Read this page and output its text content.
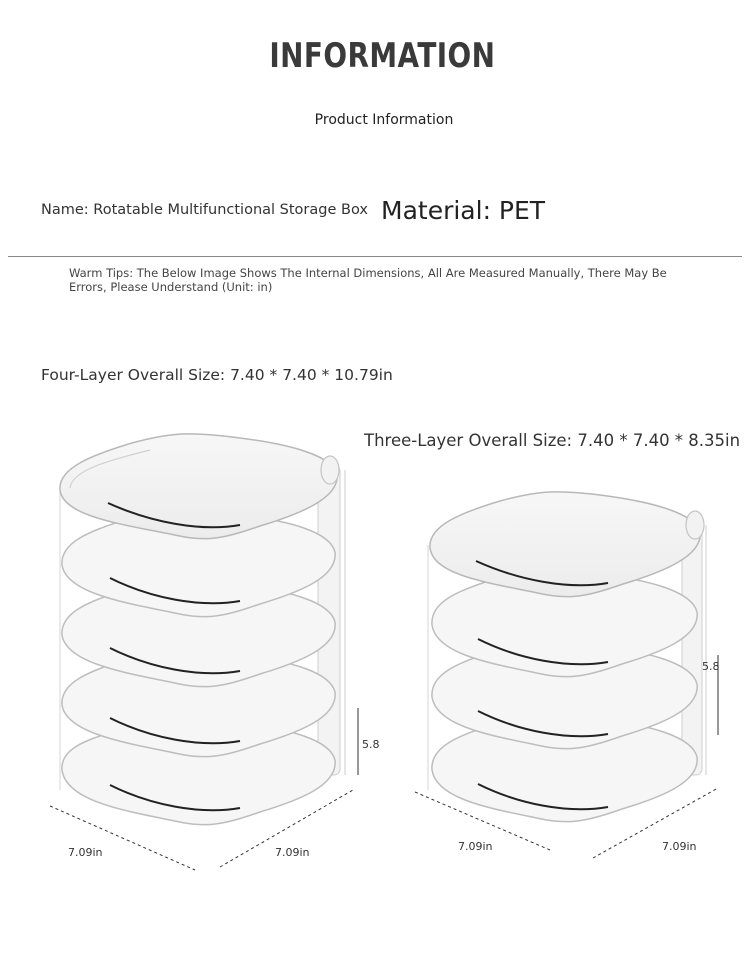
INFORMATION
Product Information
Name: Rotatable Multifunctional Storage Box Material: PET
Warm Tips: The Below Image Shows The Internal Dimensions, All Are Measured Manually, There May Be Errors, Please Understand (Unit: in)
Four-Layer Overall Size: 7.40 * 7.40 * 10.79in
Three-Layer Overall Size: 7.40 * 7.40 * 8.35in
5.8
7.09in	7.09in
5.8
7.09in	7.09in
